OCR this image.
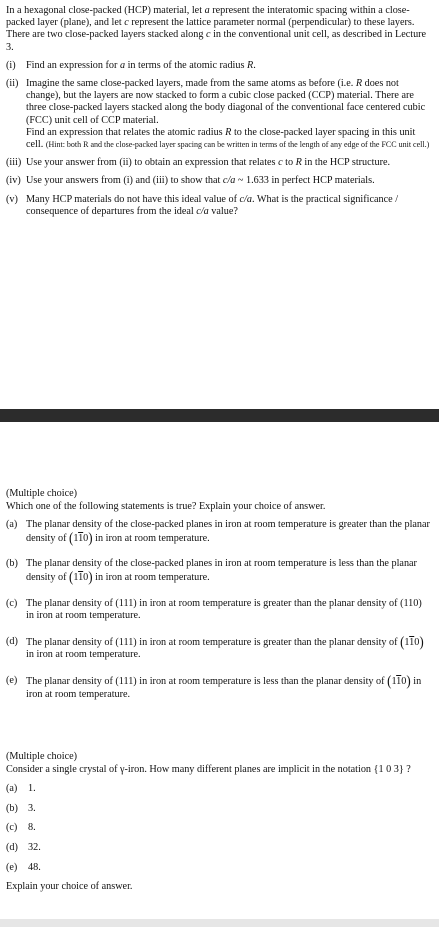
In a hexagonal close-packed (HCP) material, let a represent the interatomic spacing within a close-packed layer (plane), and let c represent the lattice parameter normal (perpendicular) to these layers. There are two close-packed layers stacked along c in the conventional unit cell, as described in Lecture 3.

(i)	Find an expression for a in terms of the atomic radius R.
(ii) Imagine the same close-packed layers, made from the same atoms as before (i.e. R does not change), but the layers are now stacked to form a cubic close packed (CCP) material. There are three close-packed layers stacked along the body diagonal of the conventional face centered cubic (FCC) unit cell of CCP material.
Find an expression that relates the atomic radius R to the close-packed layer spacing in this unit cell. (Hint: both R and the close-packed layer spacing can be written in terms of the length of any edge of the FCC unit cell.)
(iii) Use your answer from (ii) to obtain an expression that relates c to R in the HCP structure.
(iv) Use your answers from (i) and (iii) to show that c/a ~ 1.633 in perfect HCP materials.
(v) Many HCP materials do not have this ideal value of c/a. What is the practical significance / consequence of departures from the ideal c/a value?
(Multiple choice)
Which one of the following statements is true? Explain your choice of answer.
(a) The planar density of the close-packed planes in iron at room temperature is greater than the planar density of (110) in iron at room temperature.
(b) The planar density of the close-packed planes in iron at room temperature is less than the planar density of (110) in iron at room temperature.
(c) The planar density of (111) in iron at room temperature is greater than the planar density of (110) in iron at room temperature.
(d) The planar density of (111) in iron at room temperature is greater than the planar density of (110) in iron at room temperature.
(e) The planar density of (111) in iron at room temperature is less than the planar density of (110) in iron at room temperature.
(Multiple choice)
Consider a single crystal of γ-iron. How many different planes are implicit in the notation {1 0 3} ?
(a)	1.
(b) 3.
(c)	8.
(d) 32.
(e)	48.
Explain your choice of answer.
